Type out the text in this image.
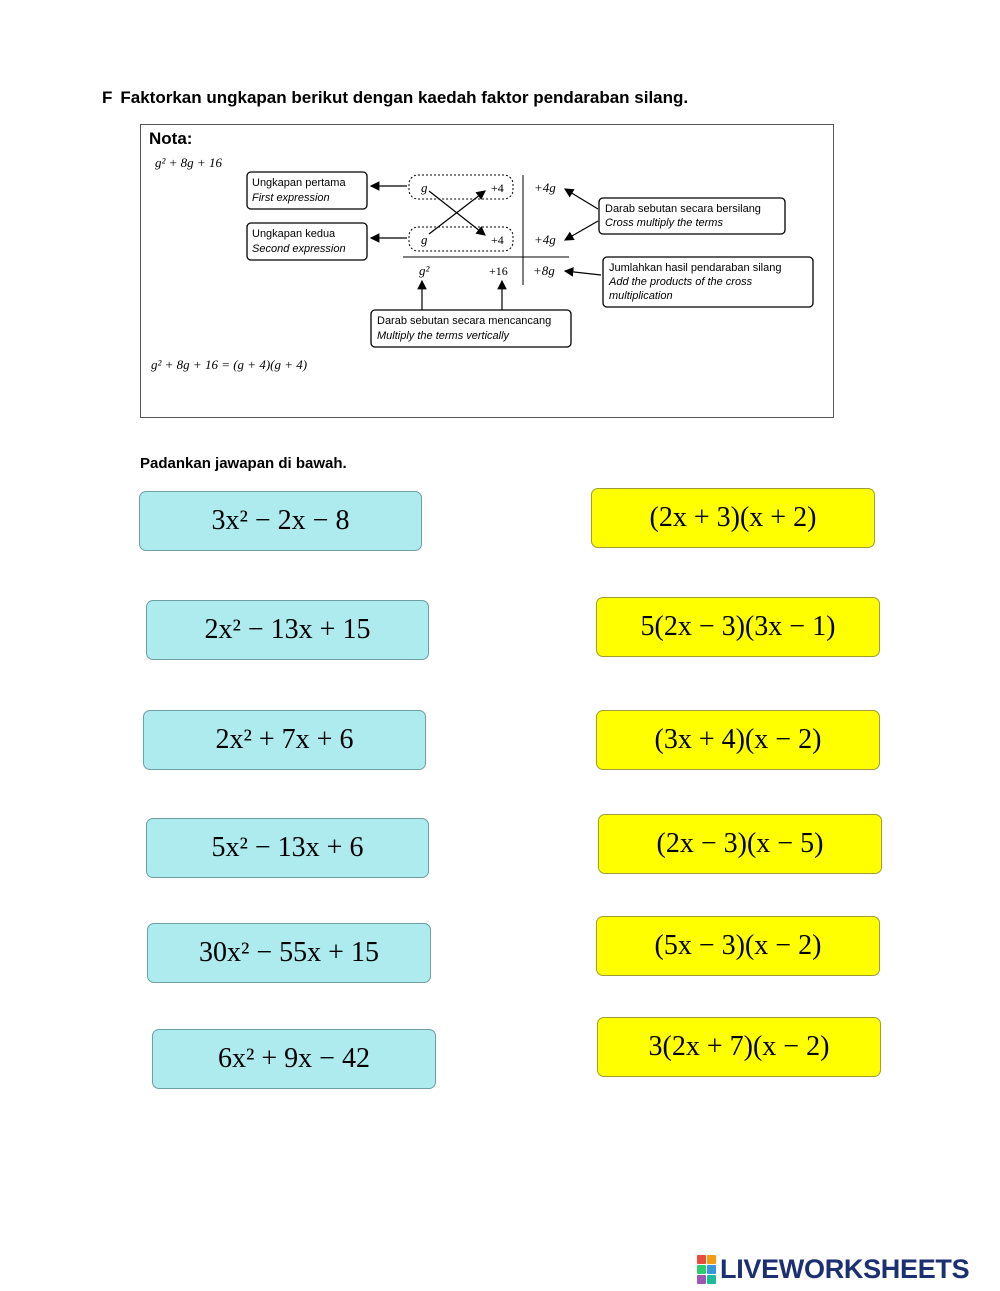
F Faktorkan ungkapan berikut dengan kaedah faktor pendaraban silang.
g² + 8g + 16
Ungkapan pertama
First expression
Ungkapan kedua
Second expression
g	+4 +4g
g	+4 +4g
g²	+16 +8g
Darab sebutan secara bersilang
Cross multiply the terms
Jumlahkan hasil pendaraban silang
Add the products of the cross
multiplication
Darab sebutan secara mencancang
Multiply the terms vertically
g² + 8g + 16 = (g + 4)(g + 4)
Nota:
Padankan jawapan di bawah.
3x² − 2x − 8
2x² − 13x + 15
2x² + 7x + 6
5x² − 13x + 6
30x² − 55x + 15
6x² + 9x − 42
(2x + 3)(x + 2)
5(2x − 3)(3x − 1)
(3x + 4)(x − 2)
(2x − 3)(x − 5)
(5x − 3)(x − 2)
3(2x + 7)(x − 2)
LIVEWORKSHEETS
